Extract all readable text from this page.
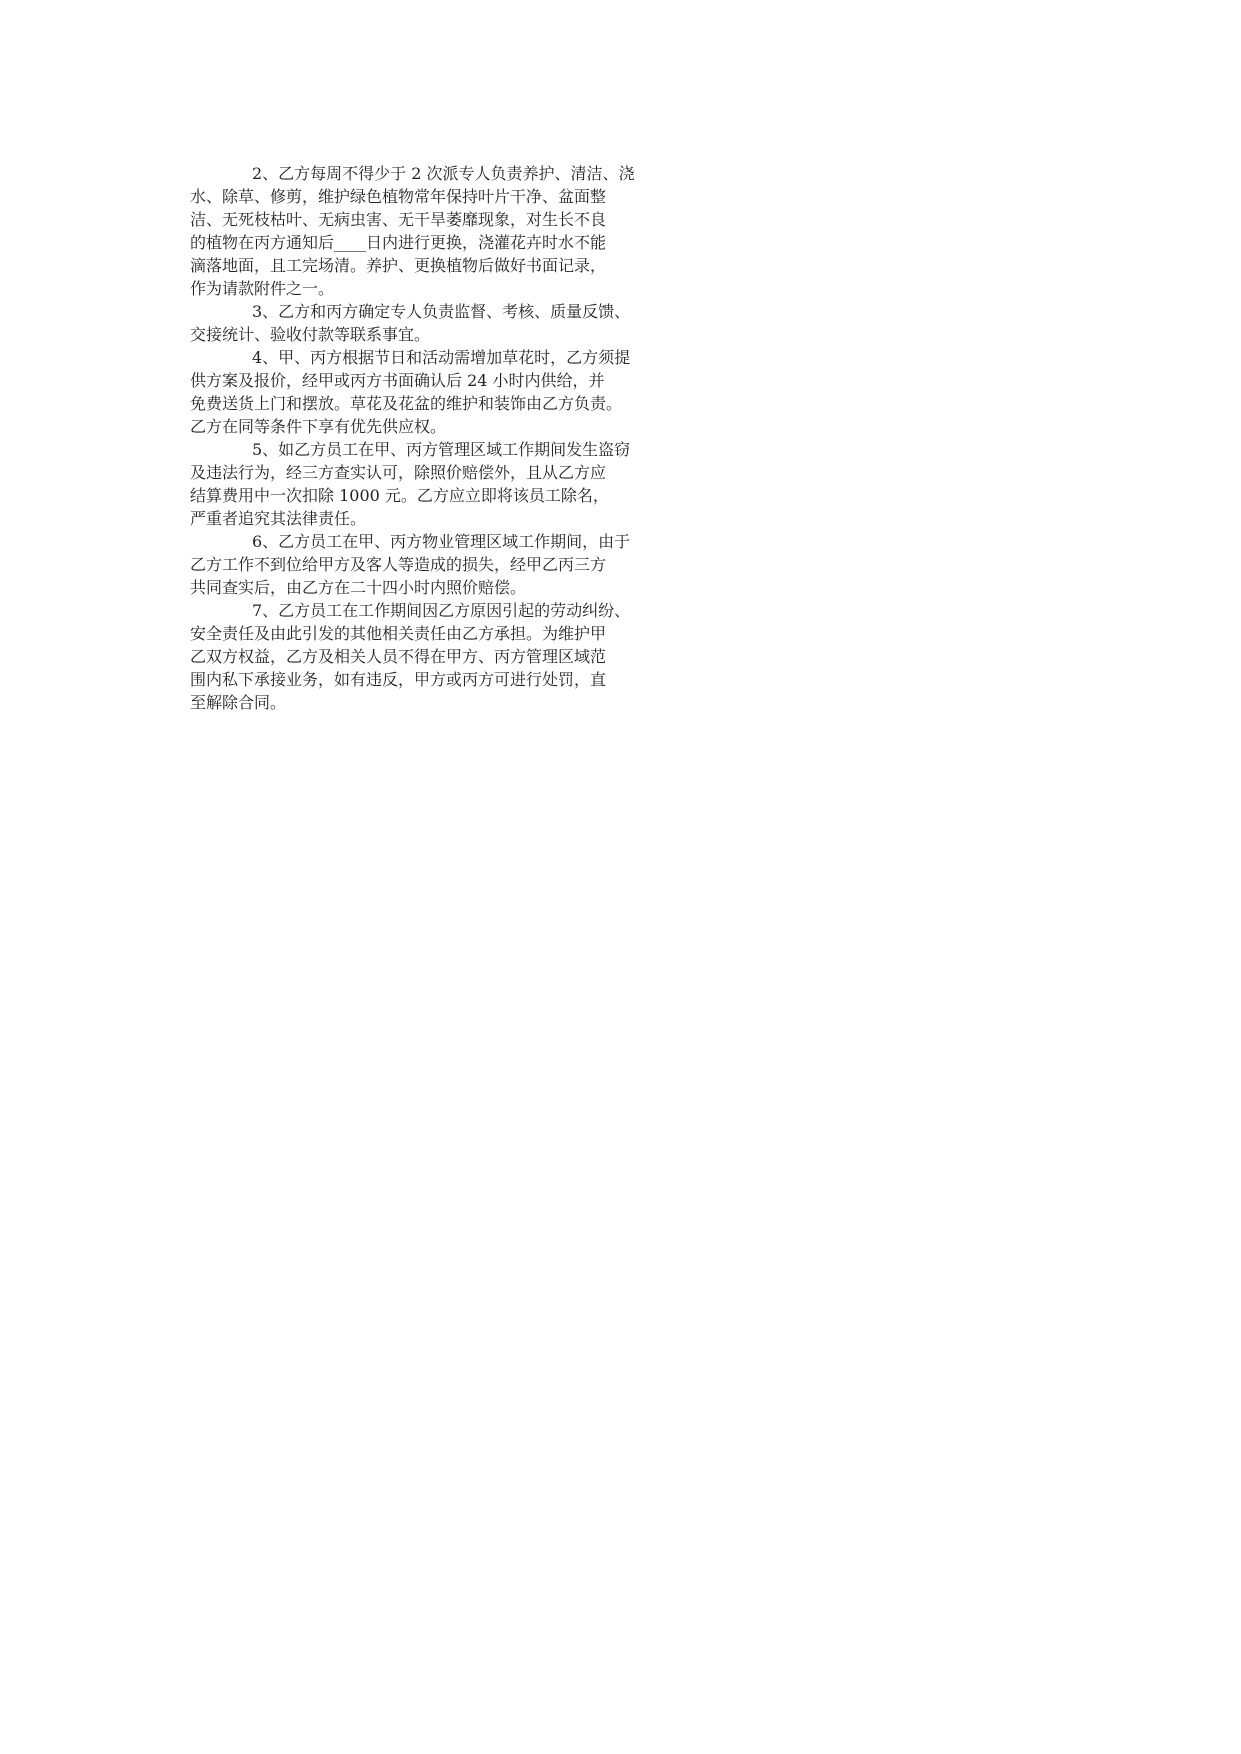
2、乙方每周不得少于 2 次派专人负责养护、清洁、浇
水、除草、修剪，维护绿色植物常年保持叶片干净、盆面整
洁、无死枝枯叶、无病虫害、无干旱萎靡现象，对生长不良
的植物在丙方通知后____日内进行更换，浇灌花卉时水不能
滴落地面，且工完场清。养护、更换植物后做好书面记录，
作为请款附件之一。
3、乙方和丙方确定专人负责监督、考核、质量反馈、
交接统计、验收付款等联系事宜。
4、甲、丙方根据节日和活动需增加草花时，乙方须提
供方案及报价，经甲或丙方书面确认后 24 小时内供给，并
免费送货上门和摆放。草花及花盆的维护和装饰由乙方负责。
乙方在同等条件下享有优先供应权。
5、如乙方员工在甲、丙方管理区域工作期间发生盗窃
及违法行为，经三方查实认可，除照价赔偿外，且从乙方应
结算费用中一次扣除 1000 元。乙方应立即将该员工除名，
严重者追究其法律责任。
6、乙方员工在甲、丙方物业管理区域工作期间，由于
乙方工作不到位给甲方及客人等造成的损失，经甲乙丙三方
共同查实后，由乙方在二十四小时内照价赔偿。
7、乙方员工在工作期间因乙方原因引起的劳动纠纷、
安全责任及由此引发的其他相关责任由乙方承担。为维护甲
乙双方权益，乙方及相关人员不得在甲方、丙方管理区域范
围内私下承接业务，如有违反，甲方或丙方可进行处罚，直
至解除合同。
